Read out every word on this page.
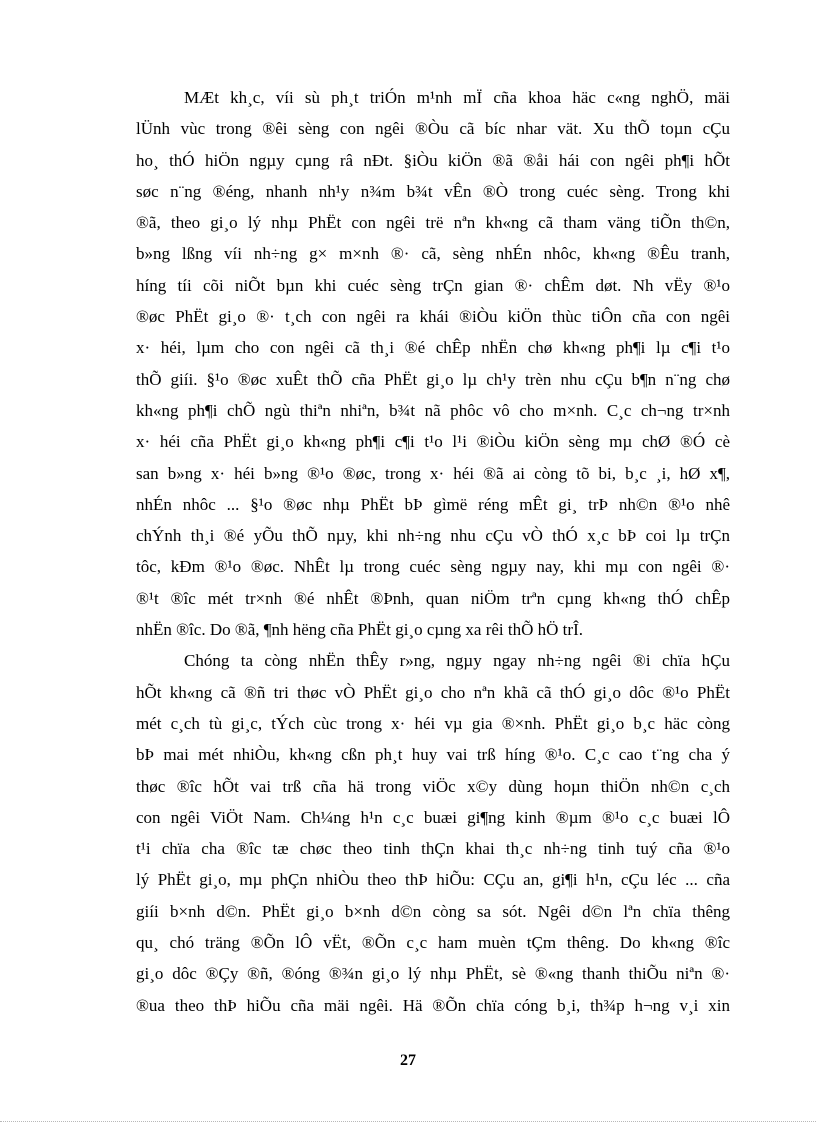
MÆt kh¸c, víi sù ph¸t triÓn m¹nh mÏ cña khoa häc c«ng nghÖ, mäi
lÜnh vùc trong ®êi sèng con ngêi ®Òu cã bíc nhar vät. Xu thÕ toµn cÇu
ho¸ thÓ hiÖn ngµy cµng râ nÐt. §iÒu kiÖn ®ã ®åi hái con ngêi ph¶i hÕt
søc n¨ng ®éng, nhanh nh¹y n¾m b¾t vÊn ®Ò trong cuéc sèng. Trong khi
®ã, theo gi¸o lý nhµ PhËt con ngêi trë nªn kh«ng cã tham väng tiÕn th©n,
b»ng lßng víi nh÷ng g× m×nh ®· cã, sèng nhÉn nhôc, kh«ng ®Êu tranh,
híng tíi cõi niÕt bµn khi cuéc sèng trÇn gian ®· chÊm døt. Nh vËy ®¹o
®øc PhËt gi¸o ®· t¸ch con ngêi ra khái ®iÒu kiÖn thùc tiÔn cña con ngêi
x· héi, lµm cho con ngêi cã th¸i ®é chÊp nhËn chø kh«ng ph¶i lµ c¶i t¹o
thÕ giíi. §¹o ®øc xuÊt thÕ cña PhËt gi¸o lµ ch¹y trèn nhu cÇu b¶n n¨ng chø
kh«ng ph¶i chÕ ngù thiªn nhiªn, b¾t nã phôc vô cho m×nh. C¸c ch¬ng tr×nh
x· héi cña PhËt gi¸o kh«ng ph¶i c¶i t¹o l¹i ®iÒu kiÖn sèng mµ chØ ®Ó cè
san b»ng x· héi b»ng ®¹o ®øc, trong x· héi ®ã ai còng tõ bi, b¸c ¸i, hØ x¶,
nhÉn nhôc ... §¹o ®øc nhµ PhËt bÞ gìmë réng mÊt gi¸ trÞ nh©n ®¹o nhê
chÝnh th¸i ®é yÕu thÕ nµy, khi nh÷ng nhu cÇu vÒ thÓ x¸c bÞ coi lµ trÇn
tôc, kÐm ®¹o ®øc. NhÊt lµ trong cuéc sèng ngµy nay, khi mµ con ngêi ®·
®¹t ®îc mét tr×nh ®é nhÊt ®Þnh, quan niÖm trªn cµng kh«ng thÓ chÊp
nhËn ®îc. Do ®ã, ¶nh hëng cña PhËt gi¸o cµng xa rêi thÕ hÖ trÎ.
Chóng ta còng nhËn thÊy r»ng, ngµy ngay nh÷ng ngêi ®i chïa hÇu
hÕt kh«ng cã ®ñ tri thøc vÒ PhËt gi¸o cho nªn khã cã thÓ gi¸o dôc ®¹o PhËt
mét c¸ch tù gi¸c, tÝch cùc trong x· héi vµ gia ®×nh. PhËt gi¸o b¸c häc còng
bÞ mai mét nhiÒu, kh«ng cßn ph¸t huy vai trß híng ®¹o. C¸c cao t¨ng cha ý
thøc ®îc hÕt vai trß cña hä trong viÖc x©y dùng hoµn thiÖn nh©n c¸ch
con ngêi ViÖt Nam. Ch¼ng h¹n c¸c buæi gi¶ng kinh ®µm ®¹o c¸c buæi lÔ
t¹i chïa cha ®îc tæ chøc theo tinh thÇn khai th¸c nh÷ng tinh tuý cña ®¹o
lý PhËt gi¸o, mµ phÇn nhiÒu theo thÞ hiÕu: CÇu an, gi¶i h¹n, cÇu léc ... cña
giíi b×nh d©n. PhËt gi¸o b×nh d©n còng sa sót. Ngêi d©n lªn chïa thêng
qu¸ chó träng ®Õn lÔ vËt, ®Õn c¸c ham muèn tÇm thêng. Do kh«ng ®îc
gi¸o dôc ®Çy ®ñ, ®óng ®¾n gi¸o lý nhµ PhËt, sè ®«ng thanh thiÕu niªn ®·
®ua theo thÞ hiÕu cña mäi ngêi. Hä ®Õn chïa cóng b¸i, th¾p h¬ng v¸i xin
27
